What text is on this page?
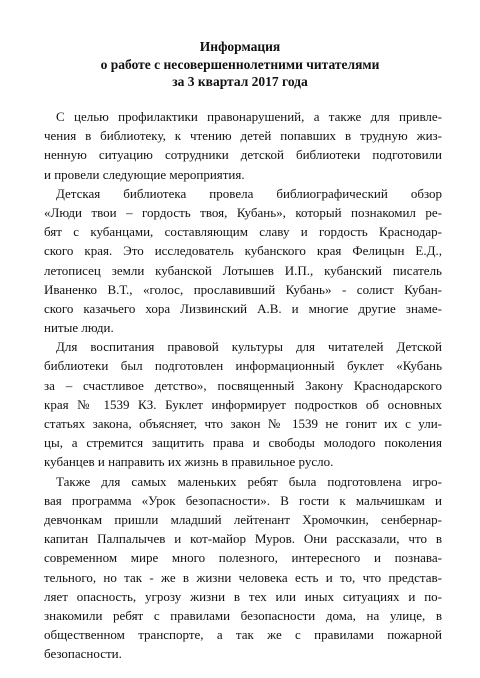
Информация
о работе с несовершеннолетними читателями
за 3 квартал 2017 года
С целью профилактики правонарушений, а также для привле-
чения в библиотеку, к чтению детей попавших в трудную жиз-
ненную ситуацию сотрудники детской библиотеки подготовили
и провели следующие мероприятия.
Детская библиотека провела библиографический обзор
«Люди твои – гордость твоя, Кубань», который познакомил ре-
бят с кубанцами, составляющим славу и гордость Краснодар-
ского края. Это исследователь кубанского края Фелицын Е.Д.,
летописец земли кубанской Лотышев И.П., кубанский писатель
Иваненко В.Т., «голос, прославивший Кубань» - солист Кубан-
ского казачьего хора Лизвинский А.В. и многие другие знаме-
нитые люди.
Для воспитания правовой культуры для читателей Детской
библиотеки был подготовлен информационный буклет «Кубань
за – счастливое детство», посвященный Закону Краснодарского
края № 1539 КЗ. Буклет информирует подростков об основных
статьях закона, объясняет, что закон № 1539 не гонит их с ули-
цы, а стремится защитить права и свободы молодого поколения
кубанцев и направить их жизнь в правильное русло.
Также для самых маленьких ребят была подготовлена игро-
вая программа «Урок безопасности». В гости к мальчишкам и
девчонкам пришли младший лейтенант Хромочкин, сенбернар-
капитан Палпалычев и кот-майор Муров. Они рассказали, что в
современном мире много полезного, интересного и познава-
тельного, но так - же в жизни человека есть и то, что представ-
ляет опасность, угрозу жизни в тех или иных ситуациях и по-
знакомили ребят с правилами безопасности дома, на улице, в
общественном транспорте, а так же с правилами пожарной
безопасности.
